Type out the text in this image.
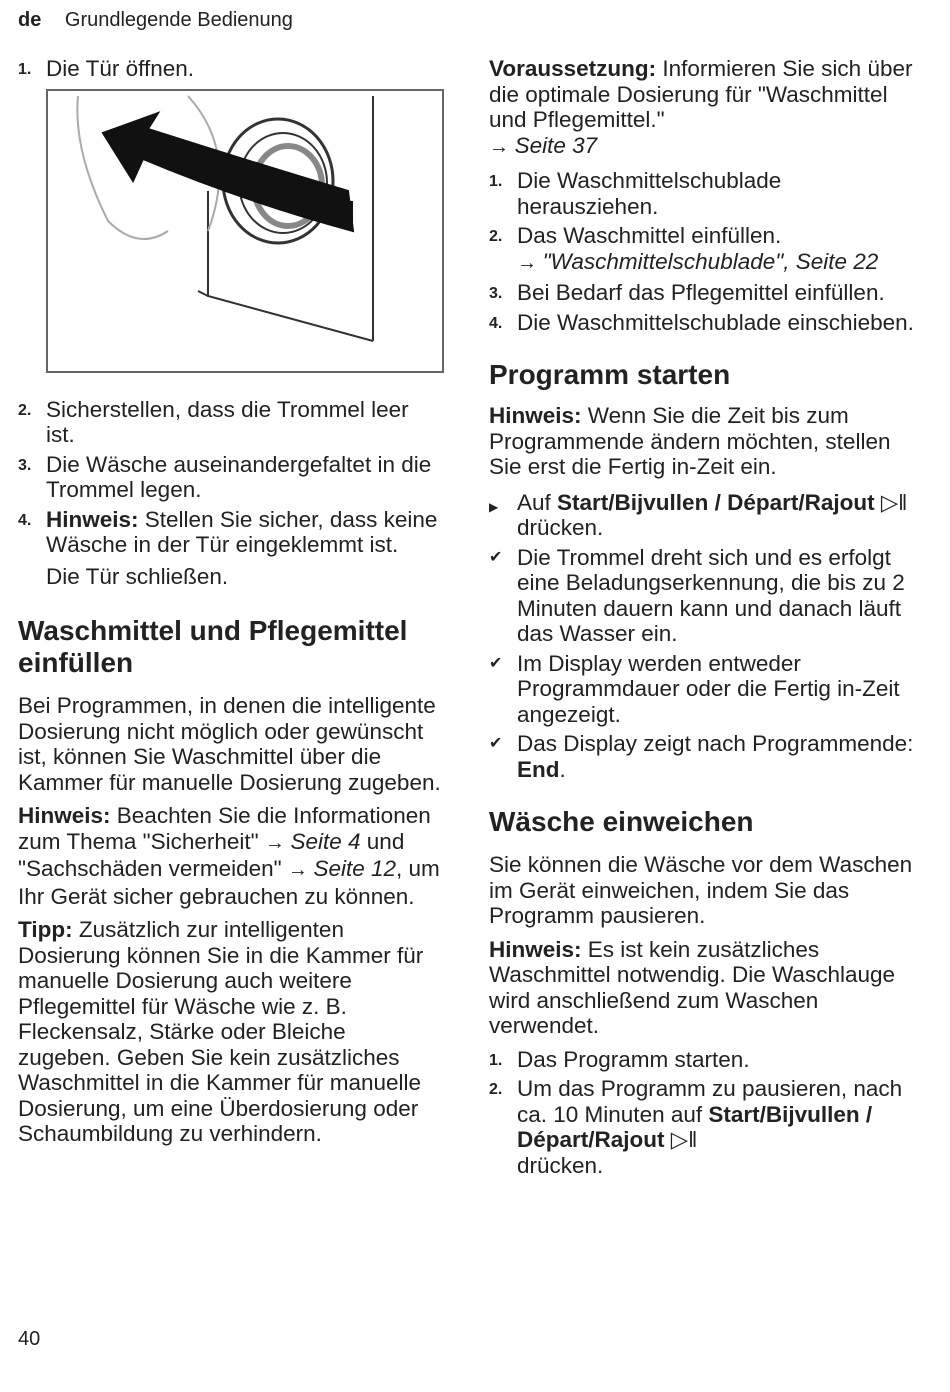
de Grundlegende Bedienung
1. Die Tür öffnen.
2. Sicherstellen, dass die Trommel leer ist.
3. Die Wäsche auseinandergefaltet in die Trommel legen.
4. Hinweis: Stellen Sie sicher, dass keine Wäsche in der Tür eingeklemmt ist.
Die Tür schließen.
Waschmittel und Pflegemittel einfüllen

Bei Programmen, in denen die intelligente Dosierung nicht möglich oder gewünscht ist, können Sie Waschmittel über die Kammer für manuelle Dosierung zugeben.

Hinweis: Beachten Sie die Informationen zum Thema "Sicherheit" → Seite 4 und "Sachschäden vermeiden" → Seite 12, um Ihr Gerät sicher gebrauchen zu können.

Tipp: Zusätzlich zur intelligenten Dosierung können Sie in die Kammer für manuelle Dosierung auch weitere Pflegemittel für Wäsche wie z. B. Fleckensalz, Stärke oder Bleiche zugeben. Geben Sie kein zusätzliches Waschmittel in die Kammer für manuelle Dosierung, um eine Überdosierung oder Schaumbildung zu verhindern.

Voraussetzung: Informieren Sie sich über die optimale Dosierung für "Waschmittel und Pflegemittel."
→ Seite 37

1. Die Waschmittelschublade herausziehen.
2. Das Waschmittel einfüllen.
→ "Waschmittelschublade", Seite 22
3. Bei Bedarf das Pflegemittel einfüllen.
4. Die Waschmittelschublade einschieben.
Programm starten

Hinweis: Wenn Sie die Zeit bis zum Programmende ändern möchten, stellen Sie erst die Fertig in-Zeit ein.

▶ Auf Start/Bijvullen / Départ/Rajout ▷‖ drücken.
✔ Die Trommel dreht sich und es erfolgt eine Beladungserkennung, die bis zu 2 Minuten dauern kann und danach läuft das Wasser ein.
✔ Im Display werden entweder Programmdauer oder die Fertig in-Zeit angezeigt.
✔ Das Display zeigt nach Programmende: End.
Wäsche einweichen

Sie können die Wäsche vor dem Waschen im Gerät einweichen, indem Sie das Programm pausieren.

Hinweis: Es ist kein zusätzliches Waschmittel notwendig. Die Waschlauge wird anschließend zum Waschen verwendet.

1. Das Programm starten.
2. Um das Programm zu pausieren, nach ca. 10 Minuten auf Start/Bijvullen / Départ/Rajout ▷‖
drücken.
40
